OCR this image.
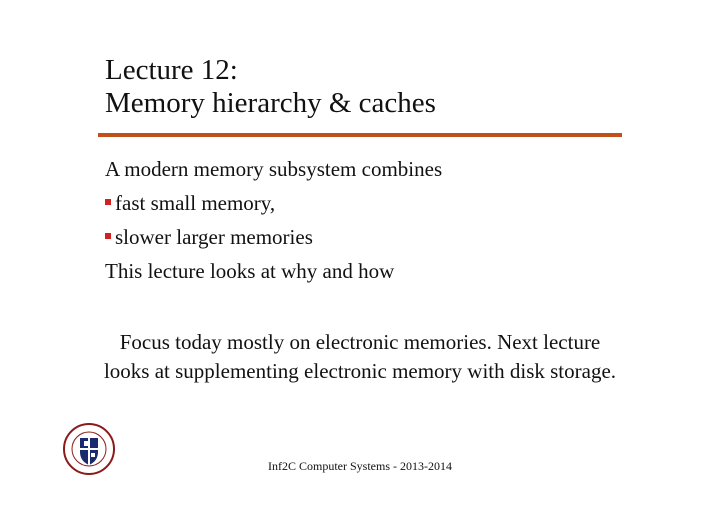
Lecture 12:
Memory hierarchy & caches
A modern memory subsystem combines
fast small memory,
slower larger memories
This lecture looks at why and how
Focus today mostly on electronic memories. Next lecture looks at supplementing electronic memory with disk storage.
Inf2C Computer Systems - 2013-2014
